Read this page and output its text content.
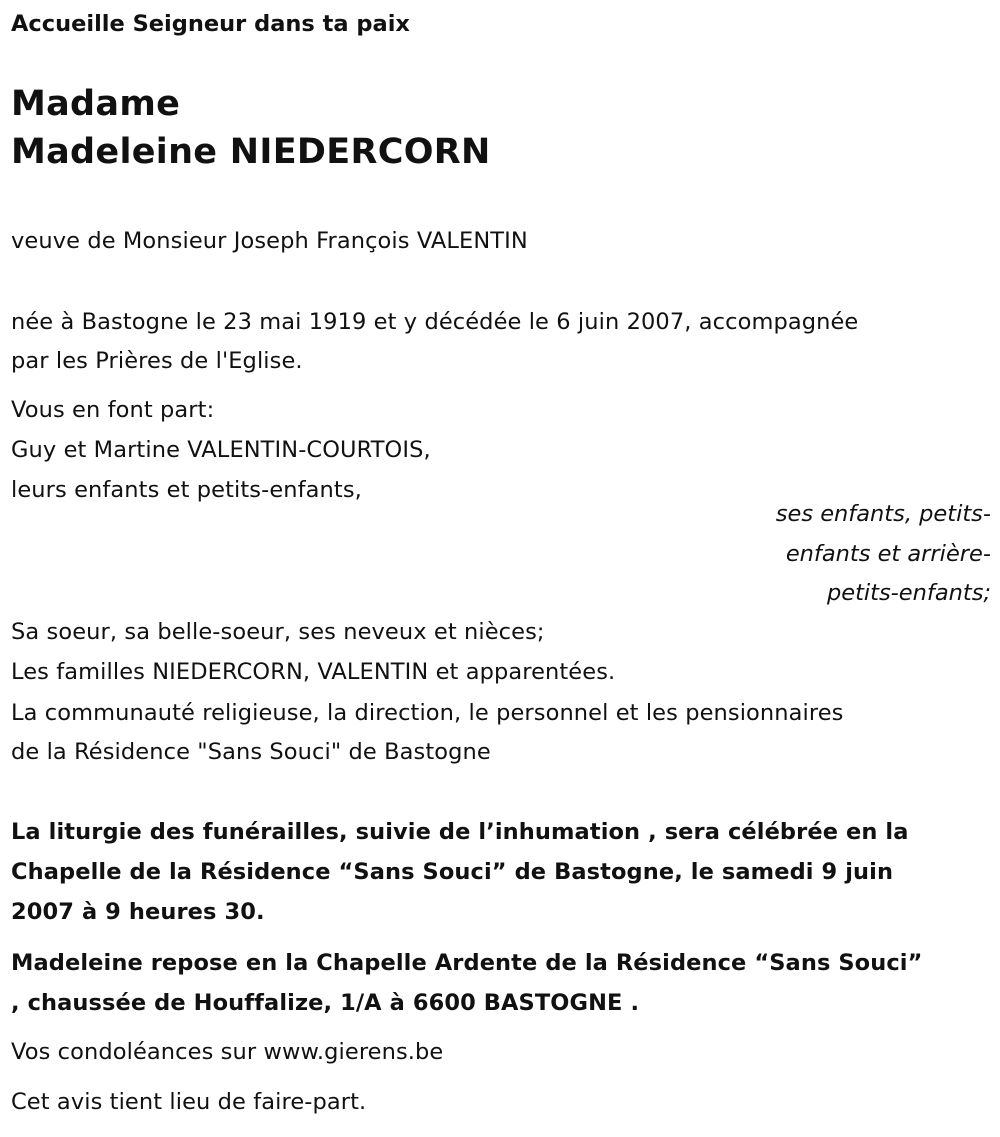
Accueille Seigneur dans ta paix
Madame
Madeleine NIEDERCORN
veuve de Monsieur Joseph François VALENTIN
née à Bastogne le 23 mai 1919 et y décédée le 6 juin 2007, accompagnée
par les Prières de l'Eglise.
Vous en font part:
Guy et Martine VALENTIN-COURTOIS,
leurs enfants et petits-enfants,
ses enfants, petits-
enfants et arrière-
petits-enfants;
Sa soeur, sa belle-soeur, ses neveux et nièces;
Les familles NIEDERCORN, VALENTIN et apparentées.
La communauté religieuse, la direction, le personnel et les pensionnaires
de la Résidence "Sans Souci" de Bastogne
La liturgie des funérailles, suivie de l’inhumation , sera célébrée en la
Chapelle de la Résidence “Sans Souci” de Bastogne, le samedi 9 juin
2007 à 9 heures 30.
Madeleine repose en la Chapelle Ardente de la Résidence “Sans Souci”
, chaussée de Houffalize, 1/A à 6600 BASTOGNE .
Vos condoléances sur www.gierens.be
Cet avis tient lieu de faire-part.
